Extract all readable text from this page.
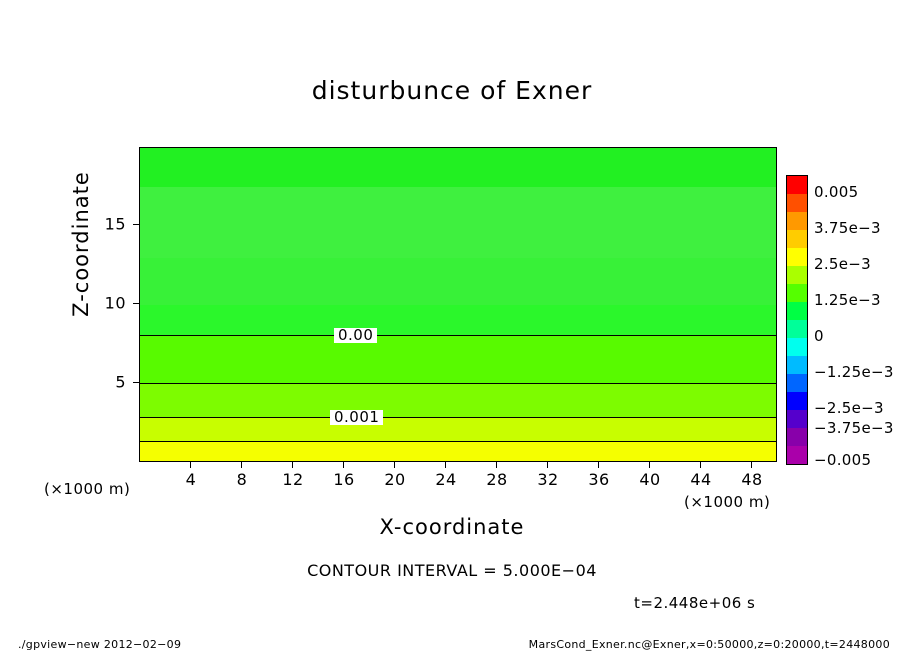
disturbunce of Exner
0.00
0.001
4	8 12 16 20 24 28 32 36 40 44 48
5
10
15
X-coordinate
Z-coordinate
(×1000 m)
(×1000 m)
CONTOUR INTERVAL = 5.000E−04
t=2.448e+06 s
./gpview−new 2012−02−09	MarsCond_Exner.nc@Exner,x=0:50000,z=0:20000,t=2448000
0.005
3.75e−3
2.5e−3
1.25e−3
0
−1.25e−3
−2.5e−3
−3.75e−3
−0.005
